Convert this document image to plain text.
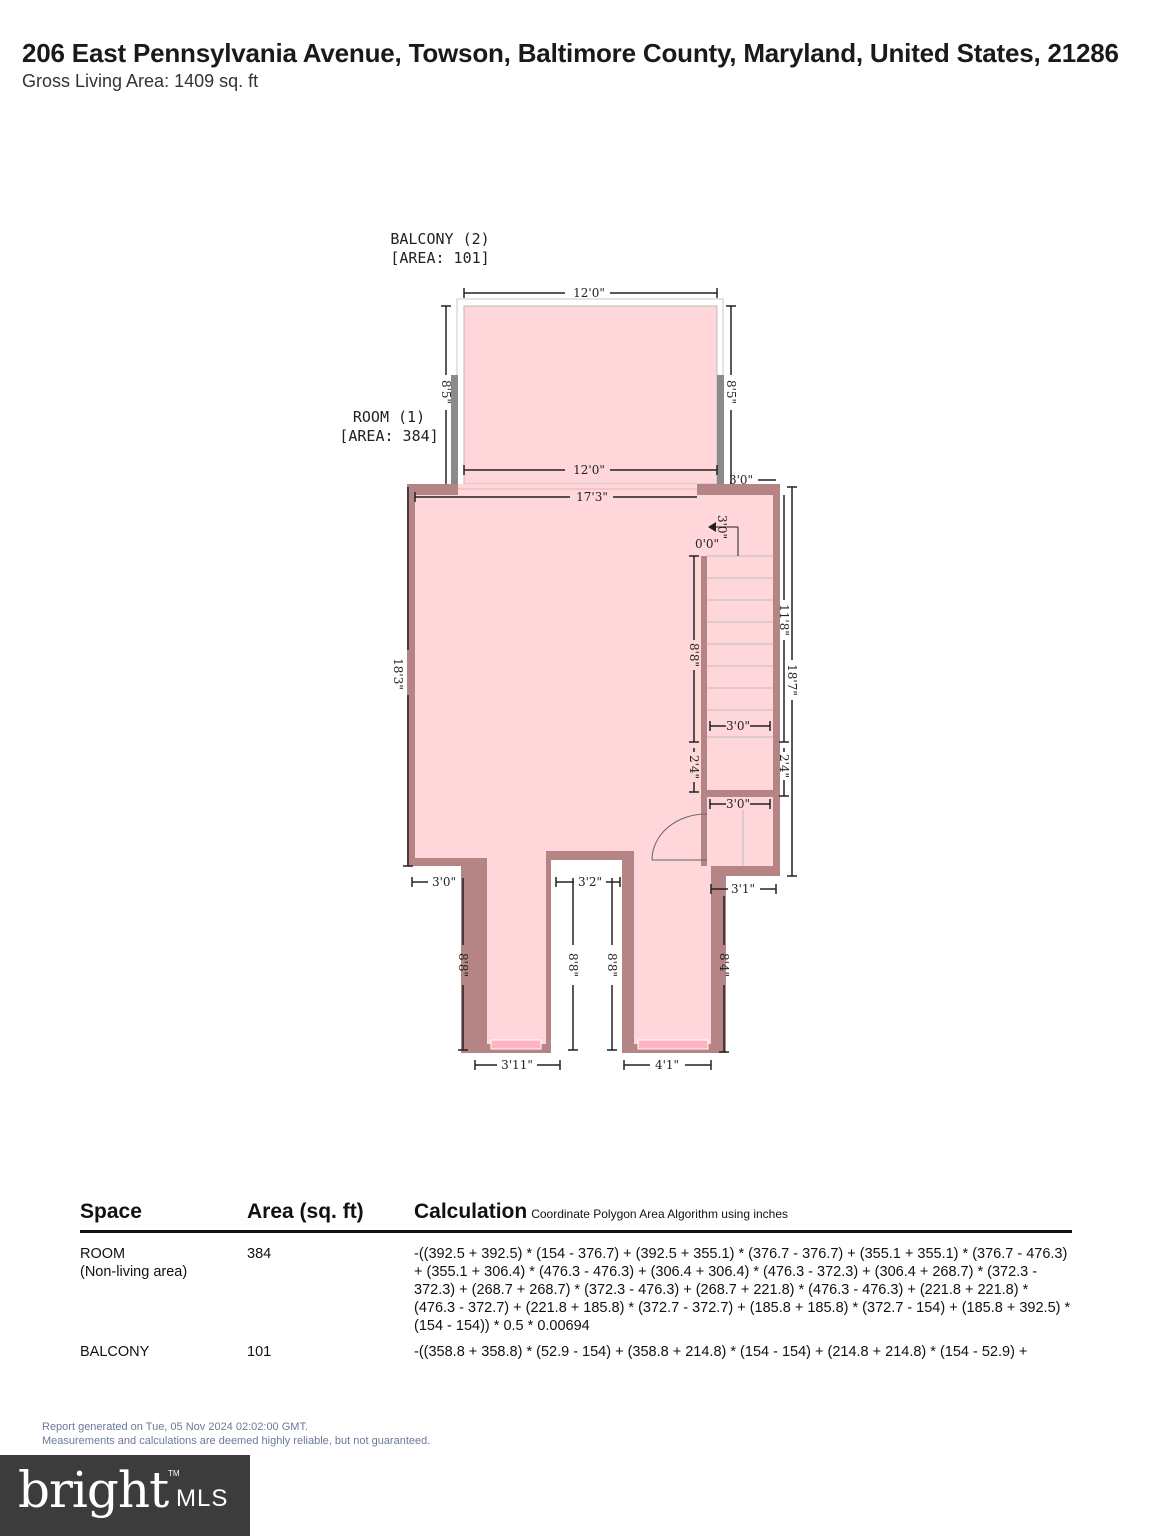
206 East Pennsylvania Avenue, Towson, Baltimore County, Maryland, United States, 21286
Gross Living Area: 1409 sq. ft
BALCONY (2)
[AREA: 101]
ROOM (1)
[AREA: 384]
12'0"
12'0"
8'5"	8'5"
17'3"
3'0"
3'0"
0'0"
18'3"	18'7"
11'8"
8'8"
3'0"
2'4"	2'4"
3'0"
3'0"	3'2"	3'1"
8'8"	8'8" 8'8"	8'4"
3'11"	4'1"
Space	Area (sq. ft) Calculation Coordinate Polygon Area Algorithm using inches
ROOM
(Non-living area)
384	-((392.5 + 392.5) * (154 - 376.7) + (392.5 + 355.1) * (376.7 - 376.7) + (355.1 + 355.1) * (376.7 - 476.3) + (355.1 + 306.4) * (476.3 - 476.3) + (306.4 + 306.4) * (476.3 - 372.3) + (306.4 + 268.7) * (372.3 - 372.3) + (268.7 + 268.7) * (372.3 - 476.3) + (268.7 + 221.8) * (476.3 - 476.3) + (221.8 + 221.8) * (476.3 - 372.7) + (221.8 + 185.8) * (372.7 - 372.7) + (185.8 + 185.8) * (372.7 - 154) + (185.8 + 392.5) * (154 - 154)) * 0.5 * 0.00694
BALCONY	101	-((358.8 + 358.8) * (52.9 - 154) + (358.8 + 214.8) * (154 - 154) + (214.8 + 214.8) * (154 - 52.9) +
Report generated on Tue, 05 Nov 2024 02:02:00 GMT.
Measurements and calculations are deemed highly reliable, but not guaranteed.
bright TM
MLS
